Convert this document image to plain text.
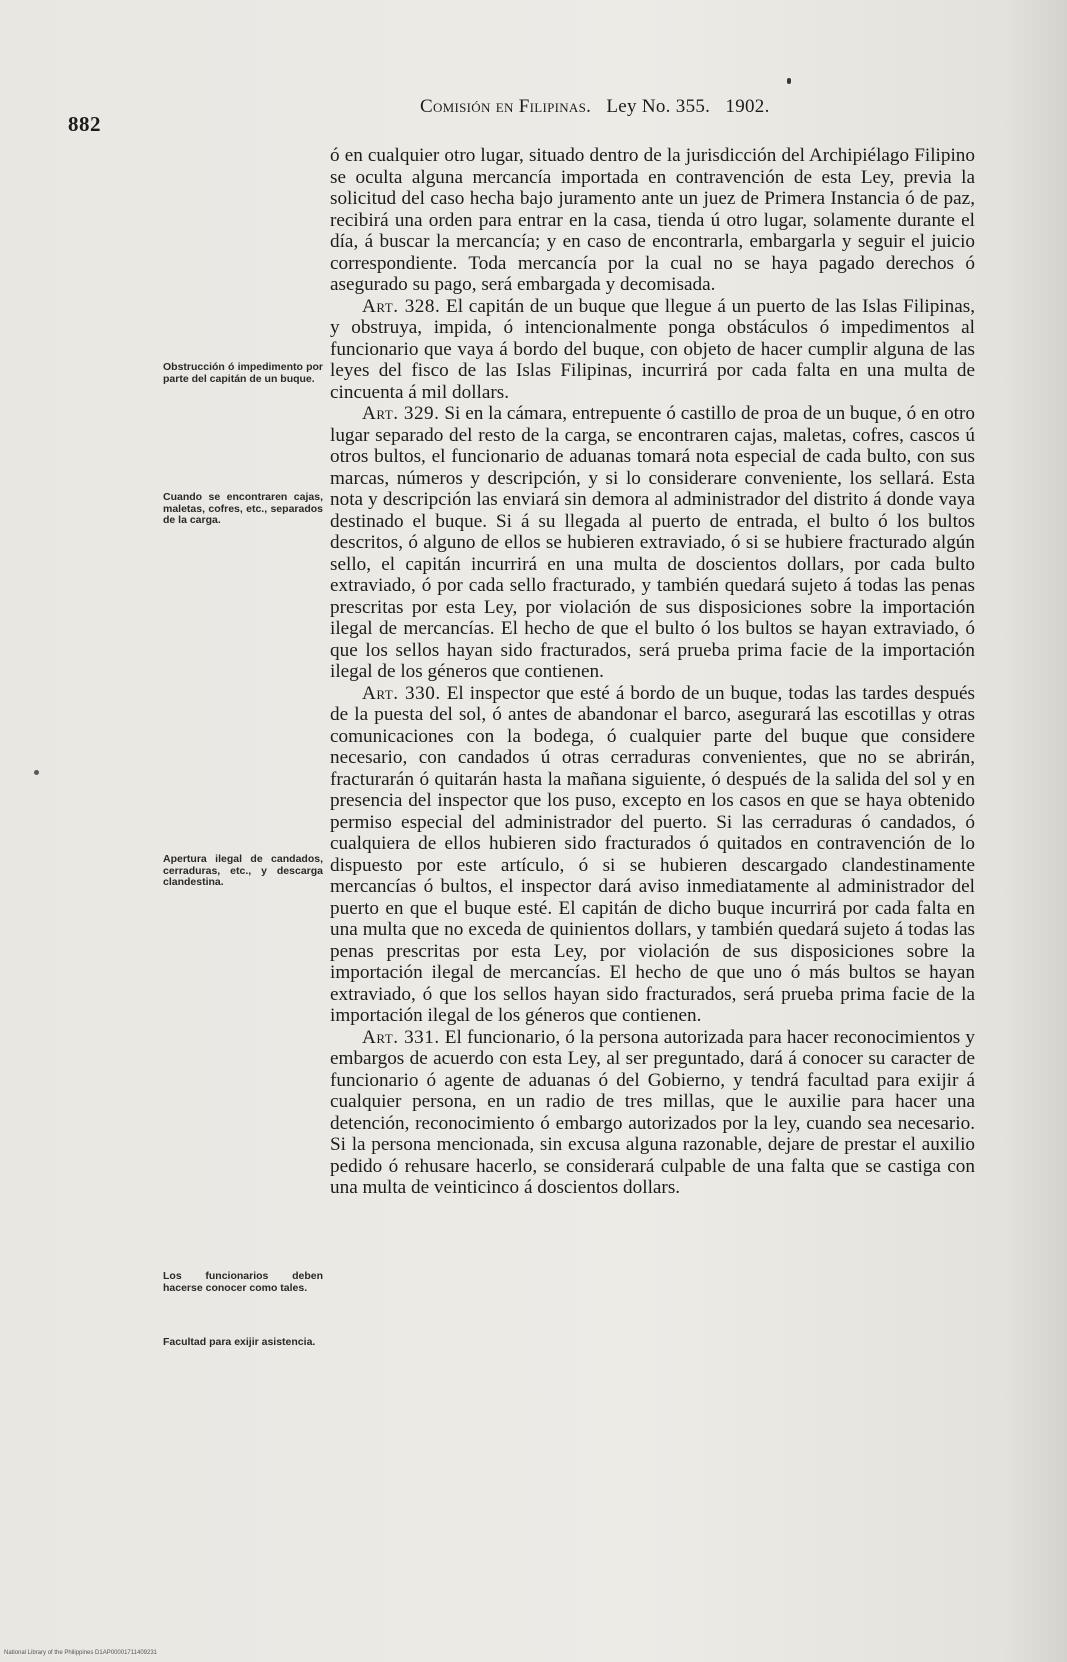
882
Comisión en Filipinas. Ley No. 355. 1902.
Obstrucción ó impedimento por parte del capitán de un buque.
Cuando se encontraren cajas, maletas, cofres, etc., separados de la carga.
Apertura ilegal de candados, cerraduras, etc., y descarga clandestina.
Los funcionarios deben hacerse conocer como tales.
Facultad para exijir asistencia.

ó en cualquier otro lugar, situado dentro de la jurisdicción del Archipiélago Filipino se oculta alguna mercancía importada en contravención de esta Ley, previa la solicitud del caso hecha bajo juramento ante un juez de Primera Instancia ó de paz, recibirá una orden para entrar en la casa, tienda ú otro lugar, solamente durante el día, á buscar la mercancía; y en caso de encontrarla, embargarla y seguir el juicio correspondiente. Toda mercancía por la cual no se haya pagado derechos ó asegurado su pago, será embargada y decomisada.

Art. 328. El capitán de un buque que llegue á un puerto de las Islas Filipinas, y obstruya, impida, ó intencionalmente ponga obstáculos ó impedimentos al funcionario que vaya á bordo del buque, con objeto de hacer cumplir alguna de las leyes del fisco de las Islas Filipinas, incurrirá por cada falta en una multa de cincuenta á mil dollars.

Art. 329. Si en la cámara, entrepuente ó castillo de proa de un buque, ó en otro lugar separado del resto de la carga, se encontraren cajas, maletas, cofres, cascos ú otros bultos, el funcionario de aduanas tomará nota especial de cada bulto, con sus marcas, números y descripción, y si lo considerare conveniente, los sellará. Esta nota y descripción las enviará sin demora al administrador del distrito á donde vaya destinado el buque. Si á su llegada al puerto de entrada, el bulto ó los bultos descritos, ó alguno de ellos se hubieren extraviado, ó si se hubiere fracturado algún sello, el capitán incurrirá en una multa de doscientos dollars, por cada bulto extraviado, ó por cada sello fracturado, y también quedará sujeto á todas las penas prescritas por esta Ley, por violación de sus disposiciones sobre la importación ilegal de mercancías. El hecho de que el bulto ó los bultos se hayan extraviado, ó que los sellos hayan sido fracturados, será prueba prima facie de la importación ilegal de los géneros que contienen.

Art. 330. El inspector que esté á bordo de un buque, todas las tardes después de la puesta del sol, ó antes de abandonar el barco, asegurará las escotillas y otras comunicaciones con la bodega, ó cualquier parte del buque que considere necesario, con candados ú otras cerraduras convenientes, que no se abrirán, fracturarán ó quitarán hasta la mañana siguiente, ó después de la salida del sol y en presencia del inspector que los puso, excepto en los casos en que se haya obtenido permiso especial del administrador del puerto. Si las cerraduras ó candados, ó cualquiera de ellos hubieren sido fracturados ó quitados en contravención de lo dispuesto por este artículo, ó si se hubieren descargado clandestinamente mercancías ó bultos, el inspector dará aviso inmediatamente al administrador del puerto en que el buque esté. El capitán de dicho buque incurrirá por cada falta en una multa que no exceda de quinientos dollars, y también quedará sujeto á todas las penas prescritas por esta Ley, por violación de sus disposiciones sobre la importación ilegal de mercancías. El hecho de que uno ó más bultos se hayan extraviado, ó que los sellos hayan sido fracturados, será prueba prima facie de la importación ilegal de los géneros que contienen.

Art. 331. El funcionario, ó la persona autorizada para hacer reconocimientos y embargos de acuerdo con esta Ley, al ser preguntado, dará á conocer su caracter de funcionario ó agente de aduanas ó del Gobierno, y tendrá facultad para exijir á cualquier persona, en un radio de tres millas, que le auxilie para hacer una detención, reconocimiento ó embargo autorizados por la ley, cuando sea necesario. Si la persona mencionada, sin excusa alguna razonable, dejare de prestar el auxilio pedido ó rehusare hacerlo, se considerará culpable de una falta que se castiga con una multa de veinticinco á doscientos dollars.

National Library of the Philippines D1AP00001711409231
